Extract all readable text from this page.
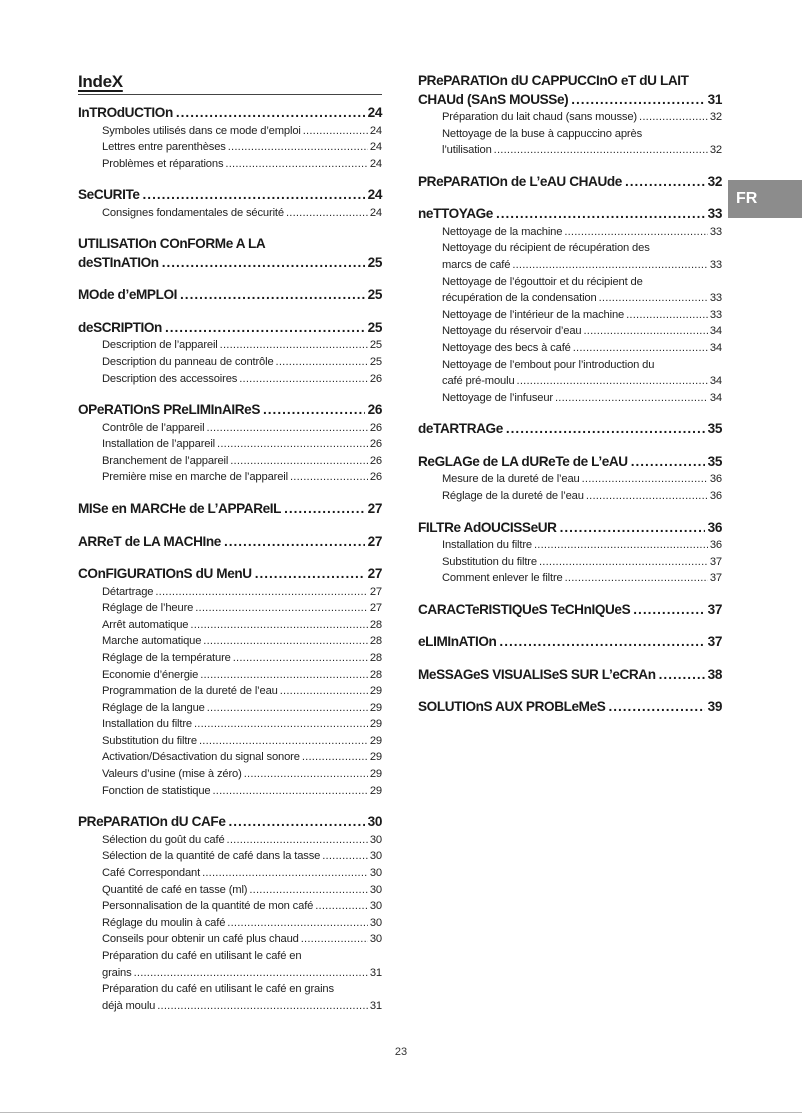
IndeX
InTROdUCTIOn .....	24
Symboles utilisés dans ce mode d’emploi .....	24
Lettres entre parenthèses .....	24
Problèmes et réparations .....	24
SeCURITe .....	24
Consignes fondamentales de sécurité .....	24
UTILISATIOn COnFORMe A LA
deSTInATIOn .....	25
MOde d’eMPLOI .....	25
deSCRIPTIOn .....	25
Description de l’appareil .....	25
Description du panneau de contrôle .....	25
Description des accessoires .....	26
OPeRATIOnS PReLIMInAIReS .....	26
Contrôle de l’appareil .....	26
Installation de l’appareil .....	26
Branchement de l’appareil .....	26
Première mise en marche de l’appareil .....	26
MISe en MARCHe de L’APPAReIL .....	27
ARReT de LA MACHIne .....	27
COnFIGURATIOnS dU MenU .....	27
Détartrage .....	27
Réglage de l’heure .....	27
Arrêt automatique .....	28
Marche automatique .....	28
Réglage de la température .....	28
Economie d’énergie .....	28
Programmation de la dureté de l’eau .....	29
Réglage de la langue .....	29
Installation du filtre .....	29
Substitution du filtre .....	29
Activation/Désactivation du signal sonore .....	29
Valeurs d’usine (mise à zéro) .....	29
Fonction de statistique .....	29
PRePARATIOn dU CAFe .....	30
Sélection du goût du café .....	30
Sélection de la quantité de café dans la tasse .....	30
Café Correspondant .....	30
Quantité de café en tasse (ml) .....	30
Personnalisation de la quantité de mon café .....	30
Réglage du moulin à café .....	30
Conseils pour obtenir un café plus chaud .....	30
Préparation du café en utilisant le café en
grains .....	31
Préparation du café en utilisant le café en grains
déjà moulu .....	31
PRePARATIOn dU CAPPUCCInO eT dU LAIT
CHAUd (SAnS MOUSSe) .....	31
Préparation du lait chaud (sans mousse) .....	32
Nettoyage de la buse à cappuccino après
l’utilisation .....	32
PRePARATIOn de L’eAU CHAUde .....	32
neTTOYAGe .....	33
Nettoyage de la machine .....	33
Nettoyage du récipient de récupération des
marcs de café .....	33
Nettoyage de l’égouttoir et du récipient de
récupération de la condensation .....	33
Nettoyage de l’intérieur de la machine .....	33
Nettoyage du réservoir d’eau .....	34
Nettoyage des becs à café .....	34
Nettoyage de l’embout pour l’introduction du
café pré-moulu .....	34
Nettoyage de l’infuseur .....	34
deTARTRAGe .....	35
ReGLAGe de LA dUReTe de L’eAU .....	35
Mesure de la dureté de l’eau .....	36
Réglage de la dureté de l’eau .....	36
FILTRe AdOUCISSeUR .....	36
Installation du filtre .....	36
Substitution du filtre .....	37
Comment enlever le filtre .....	37
CARACTeRISTIQUeS TeCHnIQUeS .....	37
eLIMInATIOn .....	37
MeSSAGeS VISUALISeS SUR L’eCRAn .....	38
SOLUTIOnS AUX PROBLeMeS .....	39
FR
23
